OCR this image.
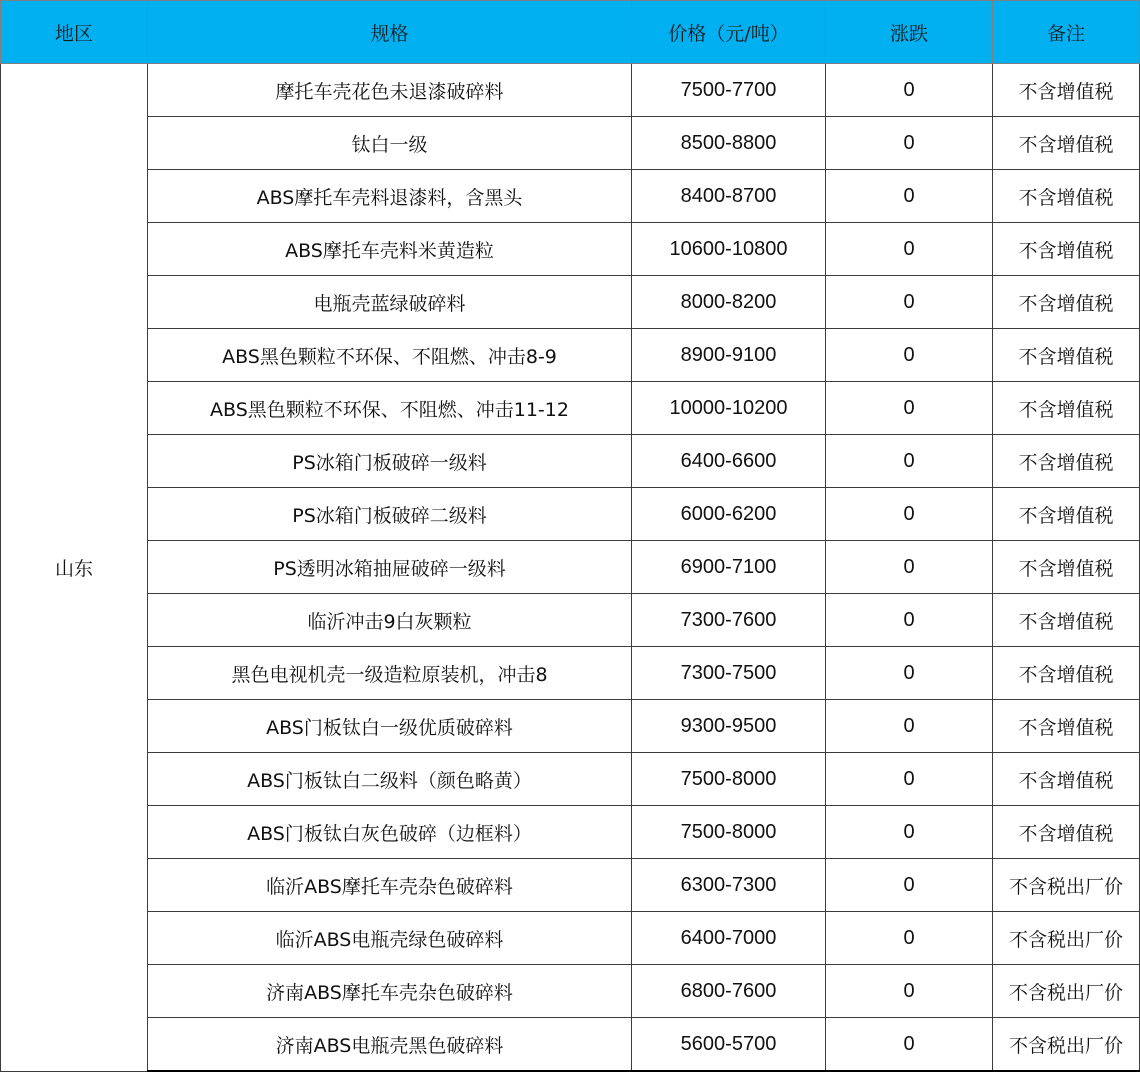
地区	规格	价格（元/吨）	涨跌	备注
山东	摩托车壳花色未退漆破碎料	7500-7700	0	不含增值税
	钛白一级	8500-8800	0	不含增值税
	ABS摩托车壳料退漆料，含黑头	8400-8700	0	不含增值税
	ABS摩托车壳料米黄造粒	10600-10800	0	不含增值税
	电瓶壳蓝绿破碎料	8000-8200	0	不含增值税
	ABS黑色颗粒不环保、不阻燃、冲击8-9	8900-9100	0	不含增值税
	ABS黑色颗粒不环保、不阻燃、冲击11-12	10000-10200	0	不含增值税
	PS冰箱门板破碎一级料	6400-6600	0	不含增值税
	PS冰箱门板破碎二级料	6000-6200	0	不含增值税
	PS透明冰箱抽屉破碎一级料	6900-7100	0	不含增值税
	临沂冲击9白灰颗粒	7300-7600	0	不含增值税
	黑色电视机壳一级造粒原装机，冲击8	7300-7500	0	不含增值税
	ABS门板钛白一级优质破碎料	9300-9500	0	不含增值税
	ABS门板钛白二级料（颜色略黄）	7500-8000	0	不含增值税
	ABS门板钛白灰色破碎（边框料）	7500-8000	0	不含增值税
	临沂ABS摩托车壳杂色破碎料	6300-7300	0	不含税出厂价
	临沂ABS电瓶壳绿色破碎料	6400-7000	0	不含税出厂价
	济南ABS摩托车壳杂色破碎料	6800-7600	0	不含税出厂价
	济南ABS电瓶壳黑色破碎料	5600-5700	0	不含税出厂价
